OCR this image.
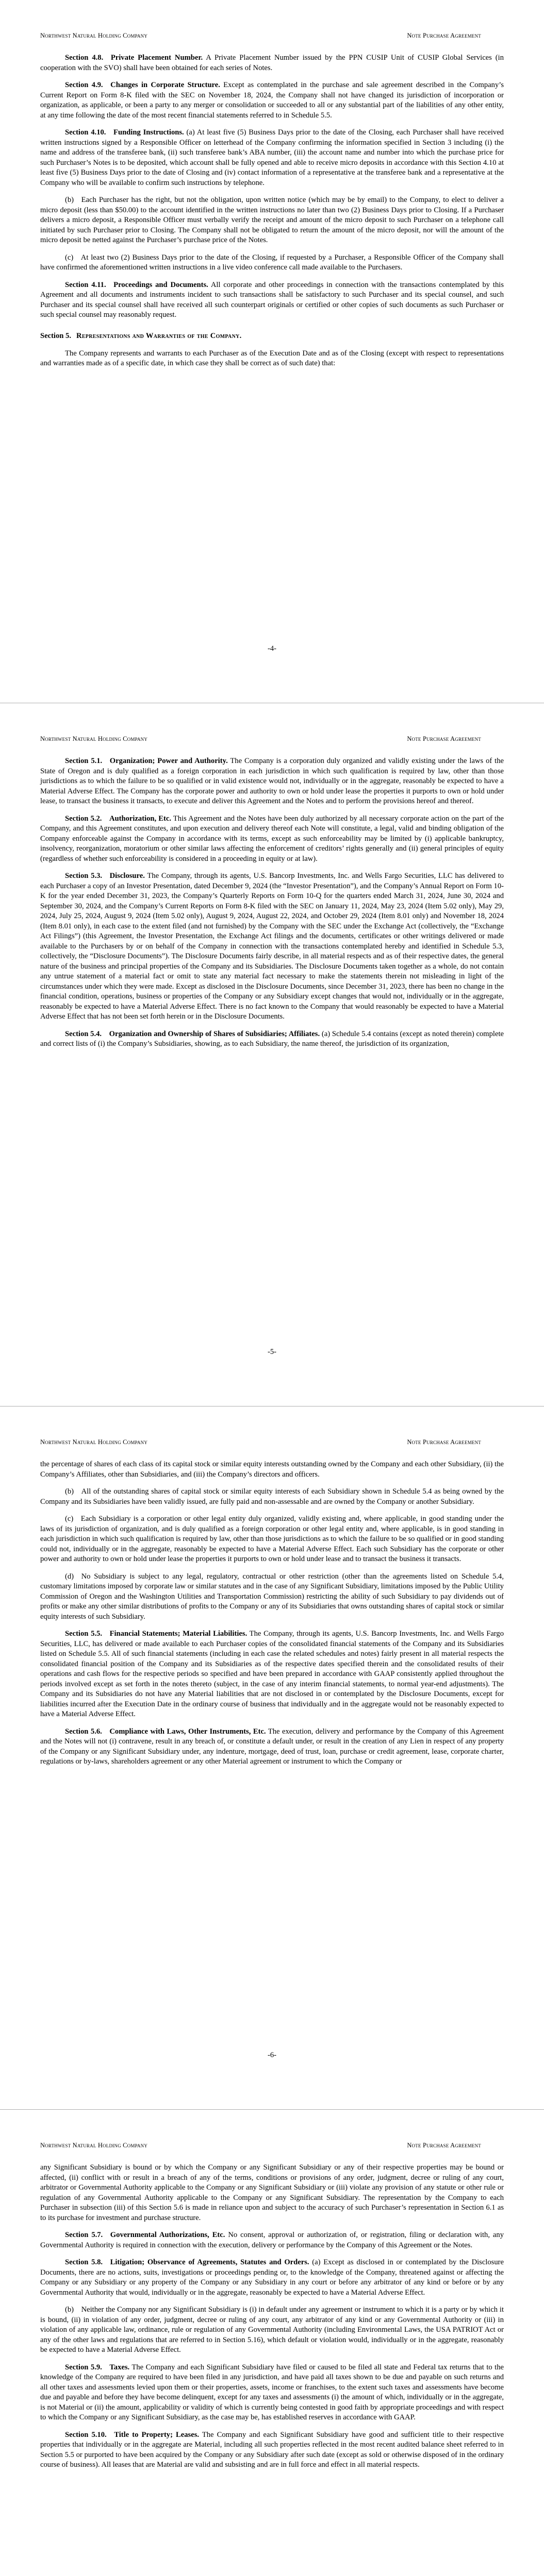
Northwest Natural Holding Company	Note Purchase Agreement

Section 4.8. Private Placement Number. A Private Placement Number issued by the PPN CUSIP Unit of CUSIP Global Services (in cooperation with the SVO) shall have been obtained for each series of Notes.

Section 4.9. Changes in Corporate Structure. Except as contemplated in the purchase and sale agreement described in the Company’s Current Report on Form 8-K filed with the SEC on November 18, 2024, the Company shall not have changed its jurisdiction of incorporation or organization, as applicable, or been a party to any merger or consolidation or succeeded to all or any substantial part of the liabilities of any other entity, at any time following the date of the most recent financial statements referred to in Schedule 5.5.

Section 4.10. Funding Instructions. (a) At least five (5) Business Days prior to the date of the Closing, each Purchaser shall have received written instructions signed by a Responsible Officer on letterhead of the Company confirming the information specified in Section 3 including (i) the name and address of the transferee bank, (ii) such transferee bank’s ABA number, (iii) the account name and number into which the purchase price for such Purchaser’s Notes is to be deposited, which account shall be fully opened and able to receive micro deposits in accordance with this Section 4.10 at least five (5) Business Days prior to the date of Closing and (iv) contact information of a representative at the transferee bank and a representative at the Company who will be available to confirm such instructions by telephone.

(b) Each Purchaser has the right, but not the obligation, upon written notice (which may be by email) to the Company, to elect to deliver a micro deposit (less than $50.00) to the account identified in the written instructions no later than two (2) Business Days prior to Closing. If a Purchaser delivers a micro deposit, a Responsible Officer must verbally verify the receipt and amount of the micro deposit to such Purchaser on a telephone call initiated by such Purchaser prior to Closing. The Company shall not be obligated to return the amount of the micro deposit, nor will the amount of the micro deposit be netted against the Purchaser’s purchase price of the Notes.

(c) At least two (2) Business Days prior to the date of the Closing, if requested by a Purchaser, a Responsible Officer of the Company shall have confirmed the aforementioned written instructions in a live video conference call made available to the Purchasers.

Section 4.11. Proceedings and Documents. All corporate and other proceedings in connection with the transactions contemplated by this Agreement and all documents and instruments incident to such transactions shall be satisfactory to such Purchaser and its special counsel, and such Purchaser and its special counsel shall have received all such counterpart originals or certified or other copies of such documents as such Purchaser or such special counsel may reasonably request.

Section 5. Representations and Warranties of the Company.

The Company represents and warrants to each Purchaser as of the Execution Date and as of the Closing (except with respect to representations and warranties made as of a specific date, in which case they shall be correct as of such date) that:

-4-
Northwest Natural Holding Company	Note Purchase Agreement

Section 5.1. Organization; Power and Authority. The Company is a corporation duly organized and validly existing under the laws of the State of Oregon and is duly qualified as a foreign corporation in each jurisdiction in which such qualification is required by law, other than those jurisdictions as to which the failure to be so qualified or in valid existence would not, individually or in the aggregate, reasonably be expected to have a Material Adverse Effect. The Company has the corporate power and authority to own or hold under lease the properties it purports to own or hold under lease, to transact the business it transacts, to execute and deliver this Agreement and the Notes and to perform the provisions hereof and thereof.

Section 5.2. Authorization, Etc. This Agreement and the Notes have been duly authorized by all necessary corporate action on the part of the Company, and this Agreement constitutes, and upon execution and delivery thereof each Note will constitute, a legal, valid and binding obligation of the Company enforceable against the Company in accordance with its terms, except as such enforceability may be limited by (i) applicable bankruptcy, insolvency, reorganization, moratorium or other similar laws affecting the enforcement of creditors’ rights generally and (ii) general principles of equity (regardless of whether such enforceability is considered in a proceeding in equity or at law).

Section 5.3. Disclosure. The Company, through its agents, U.S. Bancorp Investments, Inc. and Wells Fargo Securities, LLC has delivered to each Purchaser a copy of an Investor Presentation, dated December 9, 2024 (the “Investor Presentation”), and the Company’s Annual Report on Form 10-K for the year ended December 31, 2023, the Company’s Quarterly Reports on Form 10-Q for the quarters ended March 31, 2024, June 30, 2024 and September 30, 2024, and the Company’s Current Reports on Form 8-K filed with the SEC on January 11, 2024, May 23, 2024 (Item 5.02 only), May 29, 2024, July 25, 2024, August 9, 2024 (Item 5.02 only), August 9, 2024, August 22, 2024, and October 29, 2024 (Item 8.01 only) and November 18, 2024 (Item 8.01 only), in each case to the extent filed (and not furnished) by the Company with the SEC under the Exchange Act (collectively, the “Exchange Act Filings”) (this Agreement, the Investor Presentation, the Exchange Act filings and the documents, certificates or other writings delivered or made available to the Purchasers by or on behalf of the Company in connection with the transactions contemplated hereby and identified in Schedule 5.3, collectively, the “Disclosure Documents”). The Disclosure Documents fairly describe, in all material respects and as of their respective dates, the general nature of the business and principal properties of the Company and its Subsidiaries. The Disclosure Documents taken together as a whole, do not contain any untrue statement of a material fact or omit to state any material fact necessary to make the statements therein not misleading in light of the circumstances under which they were made. Except as disclosed in the Disclosure Documents, since December 31, 2023, there has been no change in the financial condition, operations, business or properties of the Company or any Subsidiary except changes that would not, individually or in the aggregate, reasonably be expected to have a Material Adverse Effect. There is no fact known to the Company that would reasonably be expected to have a Material Adverse Effect that has not been set forth herein or in the Disclosure Documents.

Section 5.4. Organization and Ownership of Shares of Subsidiaries; Affiliates. (a) Schedule 5.4 contains (except as noted therein) complete and correct lists of (i) the Company’s Subsidiaries, showing, as to each Subsidiary, the name thereof, the jurisdiction of its organization,

-5-
Northwest Natural Holding Company	Note Purchase Agreement

the percentage of shares of each class of its capital stock or similar equity interests outstanding owned by the Company and each other Subsidiary, (ii) the Company’s Affiliates, other than Subsidiaries, and (iii) the Company’s directors and officers.

(b) All of the outstanding shares of capital stock or similar equity interests of each Subsidiary shown in Schedule 5.4 as being owned by the Company and its Subsidiaries have been validly issued, are fully paid and non-assessable and are owned by the Company or another Subsidiary.

(c) Each Subsidiary is a corporation or other legal entity duly organized, validly existing and, where applicable, in good standing under the laws of its jurisdiction of organization, and is duly qualified as a foreign corporation or other legal entity and, where applicable, is in good standing in each jurisdiction in which such qualification is required by law, other than those jurisdictions as to which the failure to be so qualified or in good standing could not, individually or in the aggregate, reasonably be expected to have a Material Adverse Effect. Each such Subsidiary has the corporate or other power and authority to own or hold under lease the properties it purports to own or hold under lease and to transact the business it transacts.

(d) No Subsidiary is subject to any legal, regulatory, contractual or other restriction (other than the agreements listed on Schedule 5.4, customary limitations imposed by corporate law or similar statutes and in the case of any Significant Subsidiary, limitations imposed by the Public Utility Commission of Oregon and the Washington Utilities and Transportation Commission) restricting the ability of such Subsidiary to pay dividends out of profits or make any other similar distributions of profits to the Company or any of its Subsidiaries that owns outstanding shares of capital stock or similar equity interests of such Subsidiary.

Section 5.5. Financial Statements; Material Liabilities. The Company, through its agents, U.S. Bancorp Investments, Inc. and Wells Fargo Securities, LLC, has delivered or made available to each Purchaser copies of the consolidated financial statements of the Company and its Subsidiaries listed on Schedule 5.5. All of such financial statements (including in each case the related schedules and notes) fairly present in all material respects the consolidated financial position of the Company and its Subsidiaries as of the respective dates specified therein and the consolidated results of their operations and cash flows for the respective periods so specified and have been prepared in accordance with GAAP consistently applied throughout the periods involved except as set forth in the notes thereto (subject, in the case of any interim financial statements, to normal year-end adjustments). The Company and its Subsidiaries do not have any Material liabilities that are not disclosed in or contemplated by the Disclosure Documents, except for liabilities incurred after the Execution Date in the ordinary course of business that individually and in the aggregate would not be reasonably expected to have a Material Adverse Effect.

Section 5.6. Compliance with Laws, Other Instruments, Etc. The execution, delivery and performance by the Company of this Agreement and the Notes will not (i) contravene, result in any breach of, or constitute a default under, or result in the creation of any Lien in respect of any property of the Company or any Significant Subsidiary under, any indenture, mortgage, deed of trust, loan, purchase or credit agreement, lease, corporate charter, regulations or by-laws, shareholders agreement or any other Material agreement or instrument to which the Company or

-6-
Northwest Natural Holding Company	Note Purchase Agreement

any Significant Subsidiary is bound or by which the Company or any Significant Subsidiary or any of their respective properties may be bound or affected, (ii) conflict with or result in a breach of any of the terms, conditions or provisions of any order, judgment, decree or ruling of any court, arbitrator or Governmental Authority applicable to the Company or any Significant Subsidiary or (iii) violate any provision of any statute or other rule or regulation of any Governmental Authority applicable to the Company or any Significant Subsidiary. The representation by the Company to each Purchaser in subsection (iii) of this Section 5.6 is made in reliance upon and subject to the accuracy of such Purchaser’s representation in Section 6.1 as to its purchase for investment and purchase structure.

Section 5.7. Governmental Authorizations, Etc. No consent, approval or authorization of, or registration, filing or declaration with, any Governmental Authority is required in connection with the execution, delivery or performance by the Company of this Agreement or the Notes.

Section 5.8. Litigation; Observance of Agreements, Statutes and Orders. (a) Except as disclosed in or contemplated by the Disclosure Documents, there are no actions, suits, investigations or proceedings pending or, to the knowledge of the Company, threatened against or affecting the Company or any Subsidiary or any property of the Company or any Subsidiary in any court or before any arbitrator of any kind or before or by any Governmental Authority that would, individually or in the aggregate, reasonably be expected to have a Material Adverse Effect.

(b) Neither the Company nor any Significant Subsidiary is (i) in default under any agreement or instrument to which it is a party or by which it is bound, (ii) in violation of any order, judgment, decree or ruling of any court, any arbitrator of any kind or any Governmental Authority or (iii) in violation of any applicable law, ordinance, rule or regulation of any Governmental Authority (including Environmental Laws, the USA PATRIOT Act or any of the other laws and regulations that are referred to in Section 5.16), which default or violation would, individually or in the aggregate, reasonably be expected to have a Material Adverse Effect.

Section 5.9. Taxes. The Company and each Significant Subsidiary have filed or caused to be filed all state and Federal tax returns that to the knowledge of the Company are required to have been filed in any jurisdiction, and have paid all taxes shown to be due and payable on such returns and all other taxes and assessments levied upon them or their properties, assets, income or franchises, to the extent such taxes and assessments have become due and payable and before they have become delinquent, except for any taxes and assessments (i) the amount of which, individually or in the aggregate, is not Material or (ii) the amount, applicability or validity of which is currently being contested in good faith by appropriate proceedings and with respect to which the Company or any Significant Subsidiary, as the case may be, has established reserves in accordance with GAAP.

Section 5.10. Title to Property; Leases. The Company and each Significant Subsidiary have good and sufficient title to their respective properties that individually or in the aggregate are Material, including all such properties reflected in the most recent audited balance sheet referred to in Section 5.5 or purported to have been acquired by the Company or any Subsidiary after such date (except as sold or otherwise disposed of in the ordinary course of business). All leases that are Material are valid and subsisting and are in full force and effect in all material respects.
